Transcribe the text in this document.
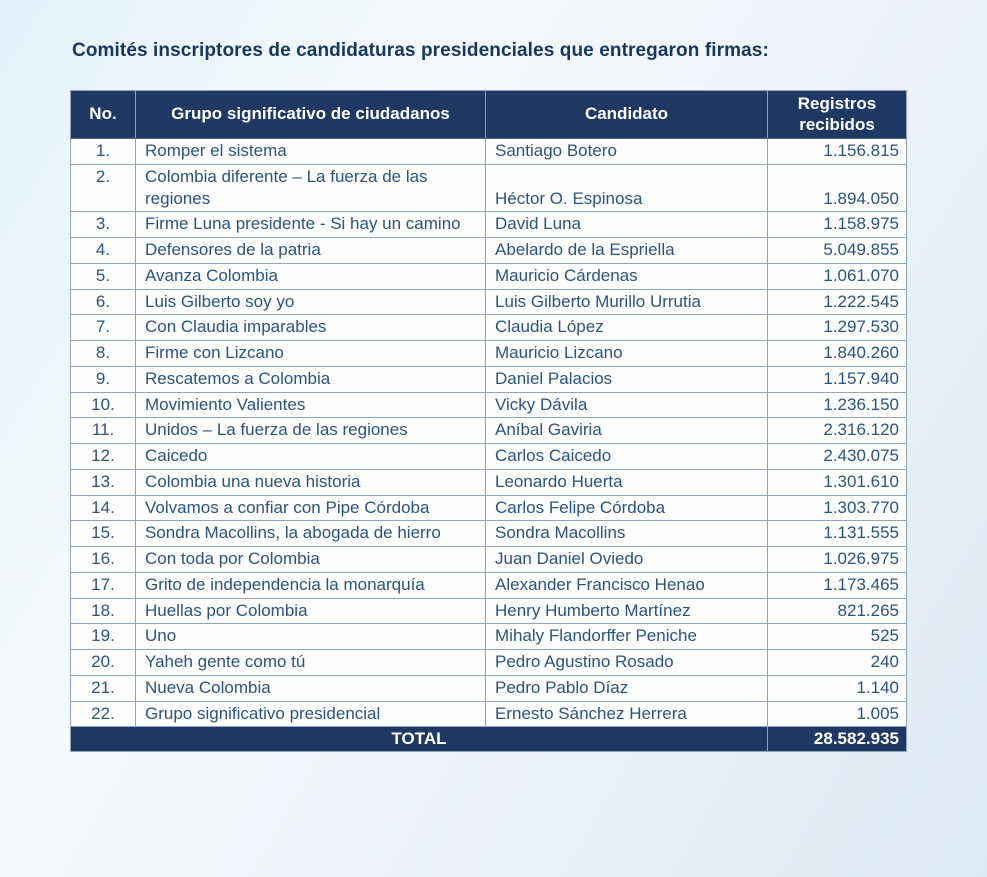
Comités inscriptores de candidaturas presidenciales que entregaron firmas:
No.	Grupo significativo de ciudadanos	Candidato	Registros recibidos
1.	Romper el sistema	Santiago Botero	1.156.815
2.	Colombia diferente – La fuerza de las regiones	Héctor O. Espinosa	1.894.050
3.	Firme Luna presidente - Si hay un camino	David Luna	1.158.975
4.	Defensores de la patria	Abelardo de la Espriella	5.049.855
5.	Avanza Colombia	Mauricio Cárdenas	1.061.070
6.	Luis Gilberto soy yo	Luis Gilberto Murillo Urrutia	1.222.545
7.	Con Claudia imparables	Claudia López	1.297.530
8.	Firme con Lizcano	Mauricio Lizcano	1.840.260
9.	Rescatemos a Colombia	Daniel Palacios	1.157.940
10.	Movimiento Valientes	Vicky Dávila	1.236.150
11.	Unidos – La fuerza de las regiones	Aníbal Gaviria	2.316.120
12.	Caicedo	Carlos Caicedo	2.430.075
13.	Colombia una nueva historia	Leonardo Huerta	1.301.610
14.	Volvamos a confiar con Pipe Córdoba	Carlos Felipe Córdoba	1.303.770
15.	Sondra Macollins, la abogada de hierro	Sondra Macollins	1.131.555
16.	Con toda por Colombia	Juan Daniel Oviedo	1.026.975
17.	Grito de independencia la monarquía	Alexander Francisco Henao	1.173.465
18.	Huellas por Colombia	Henry Humberto Martínez	821.265
19.	Uno	Mihaly Flandorffer Peniche	525
20.	Yaheh gente como tú	Pedro Agustino Rosado	240
21.	Nueva Colombia	Pedro Pablo Díaz	1.140
22.	Grupo significativo presidencial	Ernesto Sánchez Herrera	1.005
TOTAL			28.582.935
